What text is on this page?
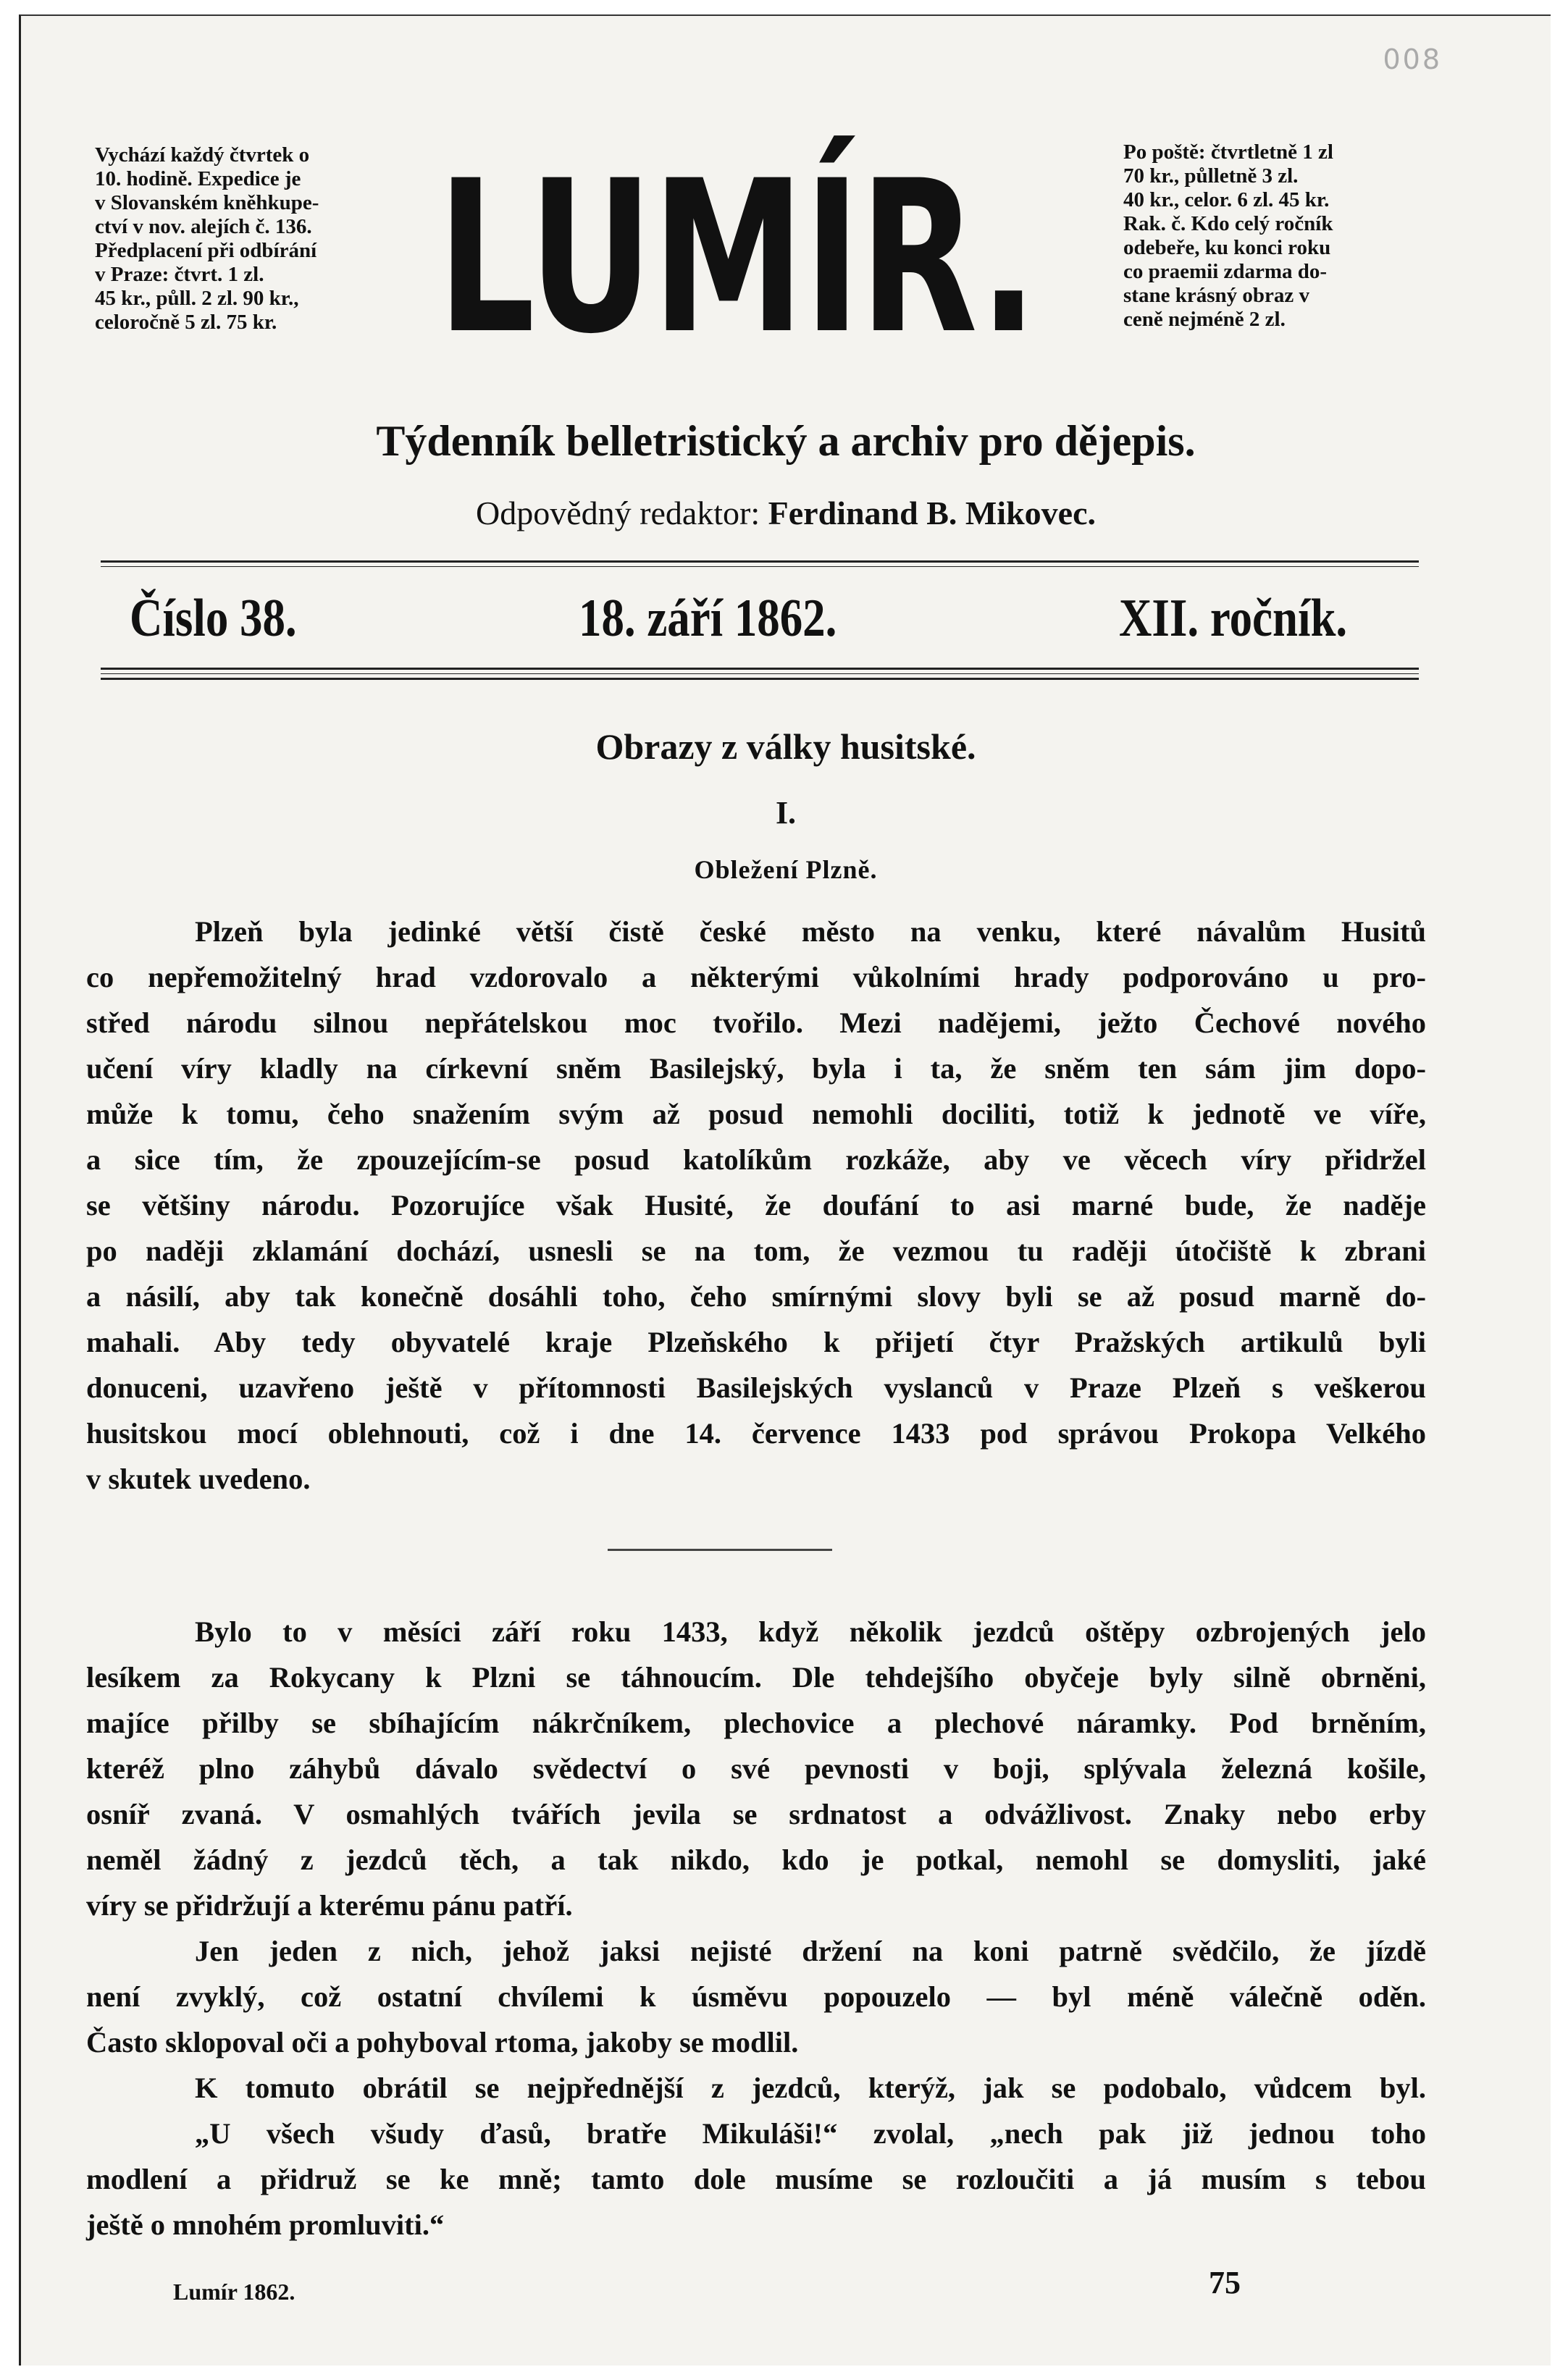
008
Vychází každý čtvrtek o
10. hodině. Expedice je
v Slovanském kněhkupe-
ctví v nov. alejích č. 136.
Předplacení při odbírání
v Praze: čtvrt. 1 zl.
45 kr., půll. 2 zl. 90 kr.,
celoročně 5 zl. 75 kr. LUMÍR.	Po poště: čtvrtletně 1 zl
70 kr., půlletně 3 zl.
40 kr., celor. 6 zl. 45 kr.
Rak. č. Kdo celý ročník
odebeře, ku konci roku
co praemii zdarma do-
stane krásný obraz v
ceně nejméně 2 zl.
Týdenník belletristický a archiv pro dějepis.
Odpovědný redaktor: Ferdinand B. Mikovec.
Číslo 38.	18. září 1862.	XII. ročník.
Obrazy z války husitské.
I.
Obležení Plzně.
Plzeň byla jedinké větší čistě české město na venku, které návalům Husitů
co nepřemožitelný hrad vzdorovalo a některými vůkolními hrady podporováno u pro-
střed národu silnou nepřátelskou moc tvořilo. Mezi nadějemi, ježto Čechové nového
učení víry kladly na církevní sněm Basilejský, byla i ta, že sněm ten sám jim dopo-
může k tomu, čeho snažením svým až posud nemohli dociliti, totiž k jednotě ve víře,
a sice tím, že zpouzejícím-se posud katolíkům rozkáže, aby ve věcech víry přidržel
se většiny národu. Pozorujíce však Husité, že doufání to asi marné bude, že naděje
po naději zklamání dochází, usnesli se na tom, že vezmou tu raději útočiště k zbrani
a násilí, aby tak konečně dosáhli toho, čeho smírnými slovy byli se až posud marně do-
mahali. Aby tedy obyvatelé kraje Plzeňského k přijetí čtyr Pražských artikulů byli
donuceni, uzavřeno ještě v přítomnosti Basilejských vyslanců v Praze Plzeň s veškerou
husitskou mocí oblehnouti, což i dne 14. července 1433 pod správou Prokopa Velkého
v skutek uvedeno.
Bylo to v měsíci září roku 1433, když několik jezdců oštěpy ozbrojených jelo
lesíkem za Rokycany k Plzni se táhnoucím. Dle tehdejšího obyčeje byly silně obrněni,
majíce přilby se sbíhajícím nákrčníkem, plechovice a plechové náramky. Pod brněním,
kteréž plno záhybů dávalo svědectví o své pevnosti v boji, splývala železná košile,
osníř zvaná. V osmahlých tvářích jevila se srdnatost a odvážlivost. Znaky nebo erby
neměl žádný z jezdců těch, a tak nikdo, kdo je potkal, nemohl se domysliti, jaké
víry se přidržují a kterému pánu patří.
Jen jeden z nich, jehož jaksi nejisté držení na koni patrně svědčilo, že jízdě
není zvyklý, což ostatní chvílemi k úsměvu popouzelo — byl méně válečně oděn.
Často sklopoval oči a pohyboval rtoma, jakoby se modlil.
K tomuto obrátil se nejpřednější z jezdců, kterýž, jak se podobalo, vůdcem byl.
„U všech všudy ďasů, bratře Mikuláši!“ zvolal, „nech pak již jednou toho
modlení a přidruž se ke mně; tamto dole musíme se rozloučiti a já musím s tebou
ještě o mnohém promluviti.“
Lumír 1862.	75
